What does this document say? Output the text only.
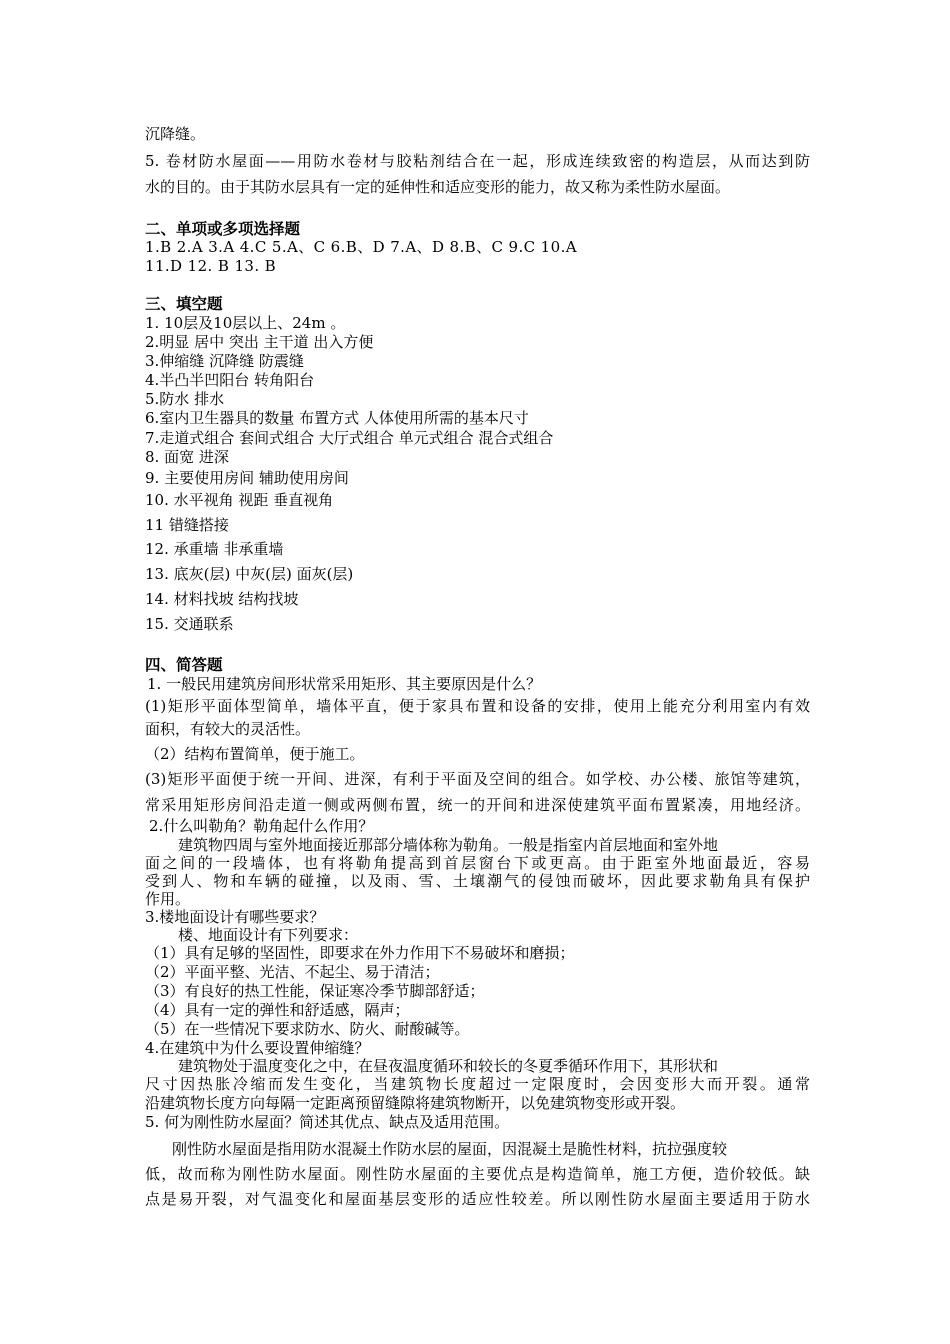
沉降缝。

5. 卷材防水屋面——用防水卷材与胶粘剂结合在一起，形成连续致密的构造层，从而达到防

水的目的。由于其防水层具有一定的延伸性和适应变形的能力，故又称为柔性防水屋面。

二、单项或多项选择题

1.B 2.A 3.A 4.C 5.A、C 6.B、D 7.A、D 8.B、C 9.C 10.A

11.D 12. B 13. B

三、填空题

1. 10层及10层以上、24m 。

2.明显 居中 突出 主干道 出入方便

3.伸缩缝 沉降缝 防震缝

4.半凸半凹阳台 转角阳台

5.防水 排水

6.室内卫生器具的数量 布置方式 人体使用所需的基本尺寸

7.走道式组合 套间式组合 大厅式组合 单元式组合 混合式组合

8. 面宽 进深

9. 主要使用房间 辅助使用房间

10. 水平视角 视距 垂直视角

11 错缝搭接

12. 承重墙 非承重墙

13. 底灰(层) 中灰(层) 面灰(层)

14. 材料找坡 结构找坡

15. 交通联系

四、简答题

1. 一般民用建筑房间形状常采用矩形、其主要原因是什么？

(1)矩形平面体型简单，墙体平直，便于家具布置和设备的安排，使用上能充分利用室内有效

面积，有较大的灵活性。

（2）结构布置简单，便于施工。

(3)矩形平面便于统一开间、进深，有利于平面及空间的组合。如学校、办公楼、旅馆等建筑，

常采用矩形房间沿走道一侧或两侧布置，统一的开间和进深使建筑平面布置紧凑，用地经济。

2.什么叫勒角？勒角起什么作用？

建筑物四周与室外地面接近那部分墙体称为勒角。一般是指室内首层地面和室外地

面之间的一段墙体，也有将勒角提高到首层窗台下或更高。由于距室外地面最近，容易

受到人、物和车辆的碰撞，以及雨、雪、土壤潮气的侵蚀而破坏，因此要求勒角具有保护

作用。

3.楼地面设计有哪些要求？

楼、地面设计有下列要求：

（1）具有足够的坚固性，即要求在外力作用下不易破坏和磨损；

（2）平面平整、光洁、不起尘、易于清洁；

（3）有良好的热工性能，保证寒冷季节脚部舒适；

（4）具有一定的弹性和舒适感，隔声；

（5）在一些情况下要求防水、防火、耐酸碱等。

4.在建筑中为什么要设置伸缩缝？

建筑物处于温度变化之中，在昼夜温度循环和较长的冬夏季循环作用下，其形状和

尺寸因热胀冷缩而发生变化，当建筑物长度超过一定限度时，会因变形大而开裂。通常

沿建筑物长度方向每隔一定距离预留缝隙将建筑物断开，以免建筑物变形或开裂。

5. 何为刚性防水屋面？简述其优点、缺点及适用范围。

刚性防水屋面是指用防水混凝土作防水层的屋面，因混凝土是脆性材料，抗拉强度较

低，故而称为刚性防水屋面。刚性防水屋面的主要优点是构造简单，施工方便，造价较低。缺

点是易开裂，对气温变化和屋面基层变形的适应性较差。所以刚性防水屋面主要适用于防水
